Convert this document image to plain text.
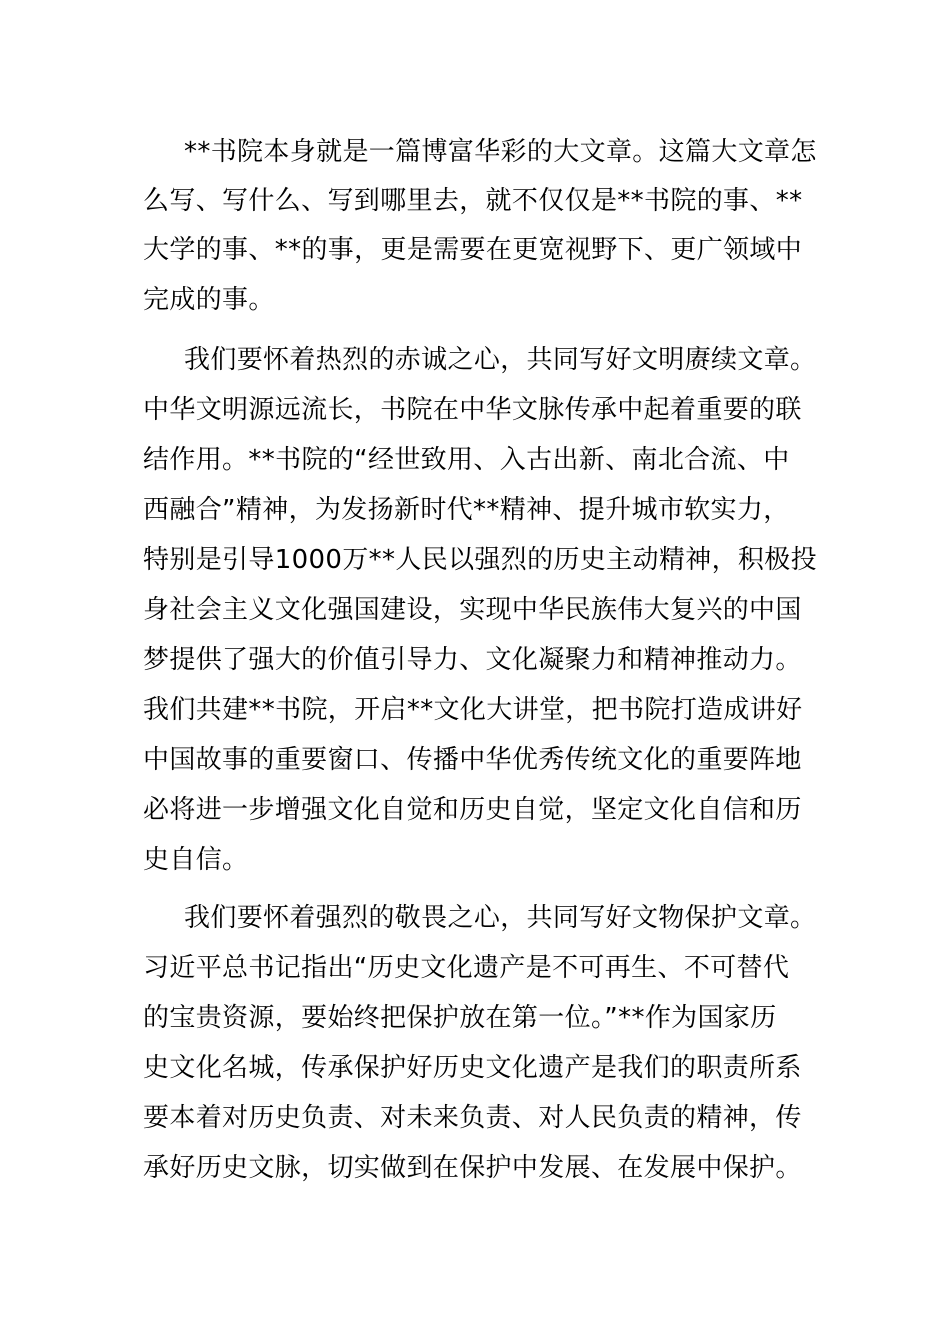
**书院本身就是一篇博富华彩的大文章。这篇大文章怎

么写、写什么、写到哪里去，就不仅仅是**书院的事、**

大学的事、**的事，更是需要在更宽视野下、更广领域中

完成的事。

我们要怀着热烈的赤诚之心，共同写好文明赓续文章。

中华文明源远流长，书院在中华文脉传承中起着重要的联

结作用。**书院的“经世致用、入古出新、南北合流、中

西融合”精神，为发扬新时代**精神、提升城市软实力，

特别是引导1000万**人民以强烈的历史主动精神，积极投

身社会主义文化强国建设，实现中华民族伟大复兴的中国

梦提供了强大的价值引导力、文化凝聚力和精神推动力。

我们共建**书院，开启**文化大讲堂，把书院打造成讲好

中国故事的重要窗口、传播中华优秀传统文化的重要阵地

必将进一步增强文化自觉和历史自觉，坚定文化自信和历

史自信。

我们要怀着强烈的敬畏之心，共同写好文物保护文章。

习近平总书记指出“历史文化遗产是不可再生、不可替代

的宝贵资源，要始终把保护放在第一位。”**作为国家历

史文化名城，传承保护好历史文化遗产是我们的职责所系

要本着对历史负责、对未来负责、对人民负责的精神，传

承好历史文脉，切实做到在保护中发展、在发展中保护。
